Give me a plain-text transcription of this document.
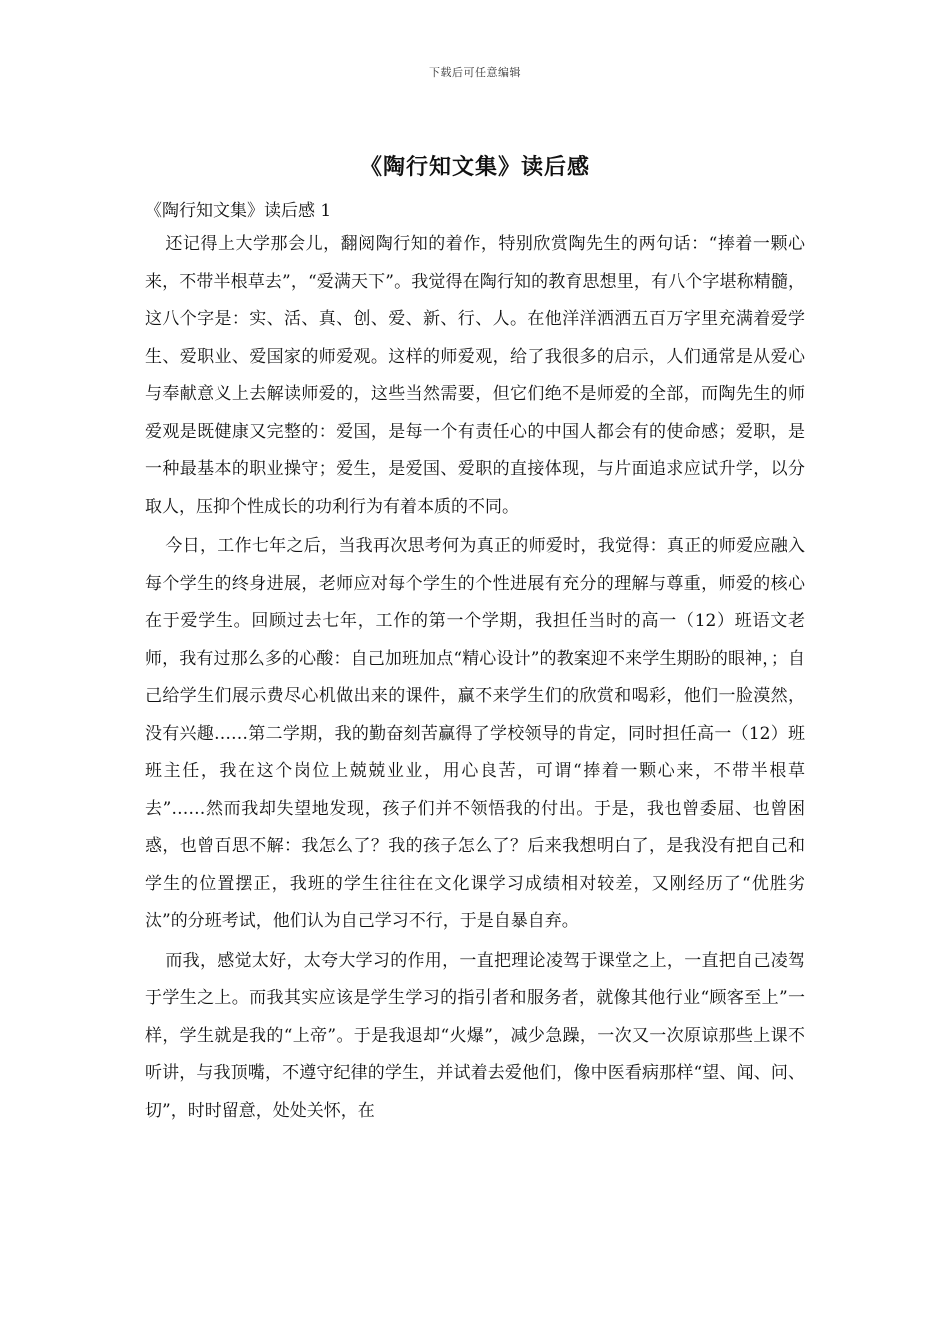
下载后可任意编辑
《陶行知文集》读后感
《陶行知文集》读后感 1

还记得上大学那会儿，翻阅陶行知的着作，特别欣赏陶先生的两句话：“捧着一颗心来，不带半根草去”，“爱满天下”。我觉得在陶行知的教育思想里，有八个字堪称精髓，这八个字是：实、活、真、创、爱、新、行、人。在他洋洋洒洒五百万字里充满着爱学生、爱职业、爱国家的师爱观。这样的师爱观，给了我很多的启示，人们通常是从爱心与奉献意义上去解读师爱的，这些当然需要，但它们绝不是师爱的全部，而陶先生的师爱观是既健康又完整的：爱国，是每一个有责任心的中国人都会有的使命感；爱职，是一种最基本的职业操守；爱生，是爱国、爱职的直接体现，与片面追求应试升学，以分取人，压抑个性成长的功利行为有着本质的不同。

今日，工作七年之后，当我再次思考何为真正的师爱时，我觉得：真正的师爱应融入每个学生的终身进展，老师应对每个学生的个性进展有充分的理解与尊重，师爱的核心在于爱学生。回顾过去七年，工作的第一个学期，我担任当时的高一（12）班语文老师，我有过那么多的心酸：自己加班加点“精心设计”的教案迎不来学生期盼的眼神，；自己给学生们展示费尽心机做出来的课件，赢不来学生们的欣赏和喝彩，他们一脸漠然，没有兴趣……第二学期，我的勤奋刻苦赢得了学校领导的肯定，同时担任高一（12）班班主任，我在这个岗位上兢兢业业，用心良苦，可谓“捧着一颗心来，不带半根草去”……然而我却失望地发现，孩子们并不领悟我的付出。于是，我也曾委屈、也曾困惑，也曾百思不解：我怎么了？我的孩子怎么了？后来我想明白了，是我没有把自己和学生的位置摆正，我班的学生往往在文化课学习成绩相对较差，又刚经历了“优胜劣汰”的分班考试，他们认为自己学习不行，于是自暴自弃。

而我，感觉太好，太夸大学习的作用，一直把理论凌驾于课堂之上，一直把自己凌驾于学生之上。而我其实应该是学生学习的指引者和服务者，就像其他行业“顾客至上”一样，学生就是我的“上帝”。于是我退却“火爆”，减少急躁，一次又一次原谅那些上课不听讲，与我顶嘴，不遵守纪律的学生，并试着去爱他们，像中医看病那样“望、闻、问、切”，时时留意，处处关怀，在
